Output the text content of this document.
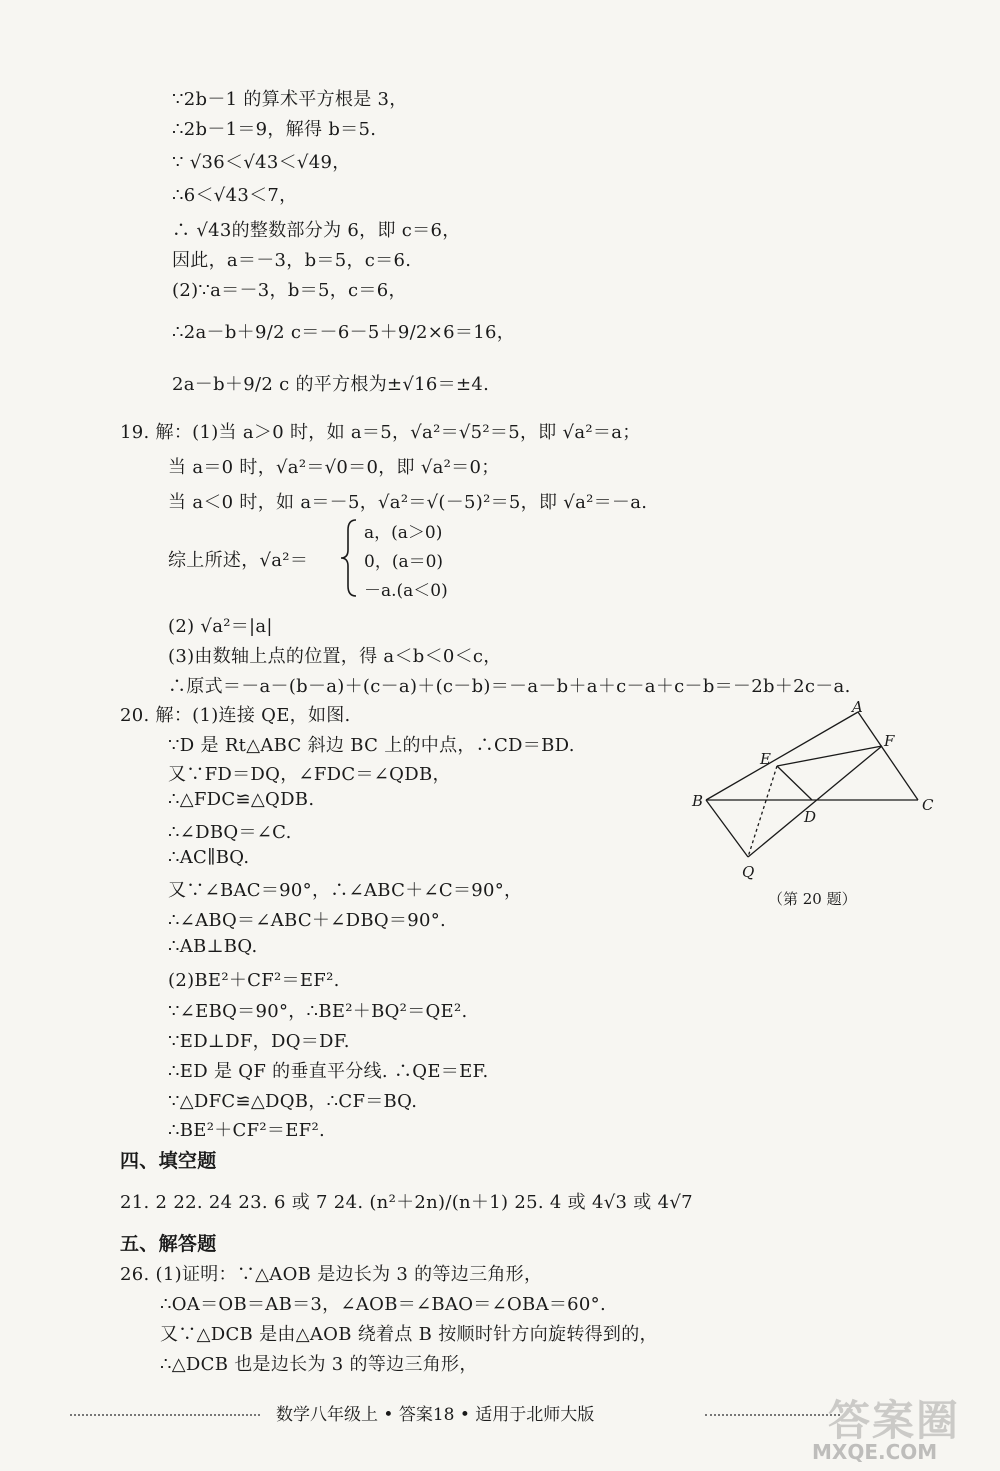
∵2b－1 的算术平方根是 3，
∴2b－1＝9，解得 b＝5.
∵ √36＜√43＜√49，
∴6＜√43＜7，
∴ √43的整数部分为 6，即 c＝6，
因此，a＝－3，b＝5，c＝6.
(2)∵a＝－3，b＝5，c＝6，
∴2a－b＋9/2 c＝－6－5＋9/2×6＝16，
2a－b＋9/2 c 的平方根为±√16＝±4.
19. 解：(1)当 a＞0 时，如 a＝5，√a²＝√5²＝5，即 √a²＝a；
当 a＝0 时，√a²＝√0＝0，即 √a²＝0；
当 a＜0 时，如 a＝－5，√a²＝√(－5)²＝5，即 √a²＝－a.
综上所述，√a²＝
a，(a＞0)
0，(a＝0)
－a.(a＜0)
(2) √a²＝|a|
(3)由数轴上点的位置，得 a＜b＜0＜c，
∴原式＝－a－(b－a)＋(c－a)＋(c－b)＝－a－b＋a＋c－a＋c－b＝－2b＋2c－a.
20. 解：(1)连接 QE，如图.
∵D 是 Rt△ABC 斜边 BC 上的中点，∴CD＝BD.
又∵FD＝DQ，∠FDC＝∠QDB，
∴△FDC≌△QDB.
∴∠DBQ＝∠C.
∴AC∥BQ.
又∵∠BAC＝90°，∴∠ABC＋∠C＝90°，
∴∠ABQ＝∠ABC＋∠DBQ＝90°.
∴AB⊥BQ.
(2)BE²＋CF²＝EF².
∵∠EBQ＝90°，∴BE²＋BQ²＝QE².
∵ED⊥DF，DQ＝DF.
∴ED 是 QF 的垂直平分线. ∴QE＝EF.
∵△DFC≌△DQB，∴CF＝BQ.
∴BE²＋CF²＝EF².
四、填空题
21. 2 22. 24 23. 6 或 7 24. (n²＋2n)/(n＋1) 25. 4 或 4√3 或 4√7
五、解答题
26. (1)证明：∵△AOB 是边长为 3 的等边三角形，
∴OA＝OB＝AB＝3，∠AOB＝∠BAO＝∠OBA＝60°.
又∵△DCB 是由△AOB 绕着点 B 按顺时针方向旋转得到的，
∴△DCB 也是边长为 3 的等边三角形，
A
B	C
D
E
F
Q
（第 20 题）
数学八年级上 • 答案18 • 适用于北师大版	答案圈
MXQE.COM
